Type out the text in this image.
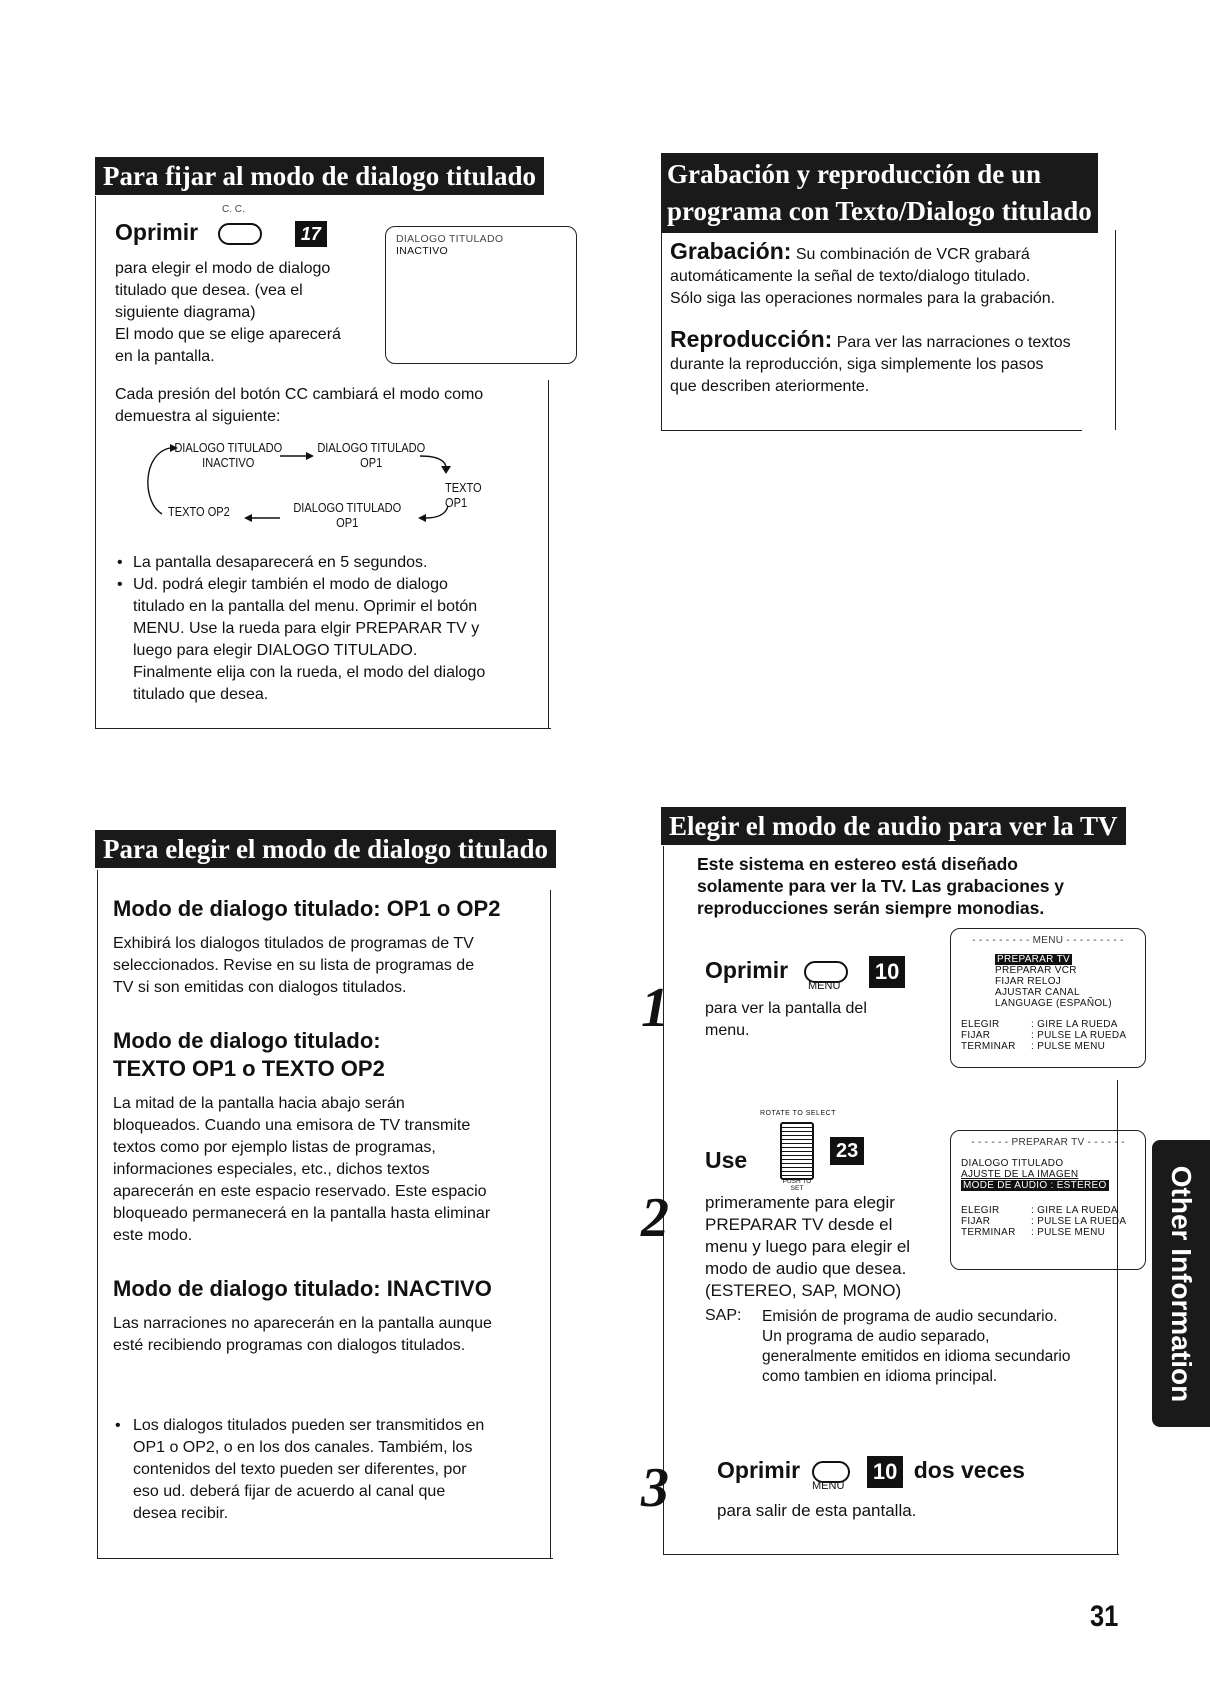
Para fijar al modo de dialogo titulado
C. C.
Oprimir	17
para elegir el modo de dialogo
titulado que desea. (vea el
siguiente diagrama)
El modo que se elige aparecerá
en la pantalla.
DIALOGO TITULADO
INACTIVO
Cada presión del botón CC cambiará el modo como
demuestra al siguiente:
DIALOGO TITULADO
INACTIVO
DIALOGO TITULADO
OP1
TEXTO OP1
DIALOGO TITULADO
OP1
TEXTO OP2
• La pantalla desaparecerá en 5 segundos.
• Ud. podrá elegir también el modo de dialogo
titulado en la pantalla del menu. Oprimir el botón
MENU. Use la rueda para elgir PREPARAR TV y
luego para elegir DIALOGO TITULADO.
Finalmente elija con la rueda, el modo del dialogo
titulado que desea.
Grabación y reproducción de un
programa con Texto/Dialogo titulado
Grabación: Su combinación de VCR grabará
automáticamente la señal de texto/dialogo titulado.
Sólo siga las operaciones normales para la grabación.
Reproducción: Para ver las narraciones o textos
durante la reproducción, siga simplemente los pasos
que describen ateriormente.
Para elegir el modo de dialogo titulado
Modo de dialogo titulado: OP1 o OP2
Exhibirá los dialogos titulados de programas de TV
seleccionados. Revise en su lista de programas de
TV si son emitidas con dialogos titulados.
Modo de dialogo titulado:
TEXTO OP1 o TEXTO OP2
La mitad de la pantalla hacia abajo serán
bloqueados. Cuando una emisora de TV transmite
textos como por ejemplo listas de programas,
informaciones especiales, etc., dichos textos
aparecerán en este espacio reservado. Este espacio
bloqueado permanecerá en la pantalla hasta eliminar
este modo.
Modo de dialogo titulado: INACTIVO
Las narraciones no aparecerán en la pantalla aunque
esté recibiendo programas con dialogos titulados.
• Los dialogos titulados pueden ser transmitidos en
OP1 o OP2, o en los dos canales. Tambiém, los
contenidos del texto pueden ser diferentes, por
eso ud. deberá fijar de acuerdo al canal que
desea recibir.
Elegir el modo de audio para ver la TV
Este sistema en estereo está diseñado
solamente para ver la TV. Las grabaciones y
reproducciones serán siempre monodias.
1
Oprimir	10
MENU
para ver la pantalla del
menu.
- - - - - - - - - MENU - - - - - - - - -
PREPARAR TV
PREPARAR VCR
FIJAR RELOJ
AJUSTAR CANAL
LANGUAGE (ESPAÑOL)
ELEGIR	: GIRE LA RUEDA
FIJAR	: PULSE LA RUEDA
TERMINAR : PULSE MENU
2
ROTATE TO SELECT
Use
PUSH TO SET
23
primeramente para elegir
PREPARAR TV desde el
menu y luego para elegir el
modo de audio que desea.
(ESTEREO, SAP, MONO)
- - - - - - PREPARAR TV - - - - - -
DIALOGO TITULADO
AJUSTE DE LA IMAGEN
MODE DE AUDIO : ESTEREO
ELEGIR	: GIRE LA RUEDA
FIJAR	: PULSE LA RUEDA
TERMINAR : PULSE MENU
SAP: Emisión de programa de audio secundario.
Un programa de audio separado,
generalmente emitidos en idioma secundario
como tambien en idioma principal.
3 Oprimir	10 dos veces
MENU
para salir de esta pantalla.
Other Information
31
